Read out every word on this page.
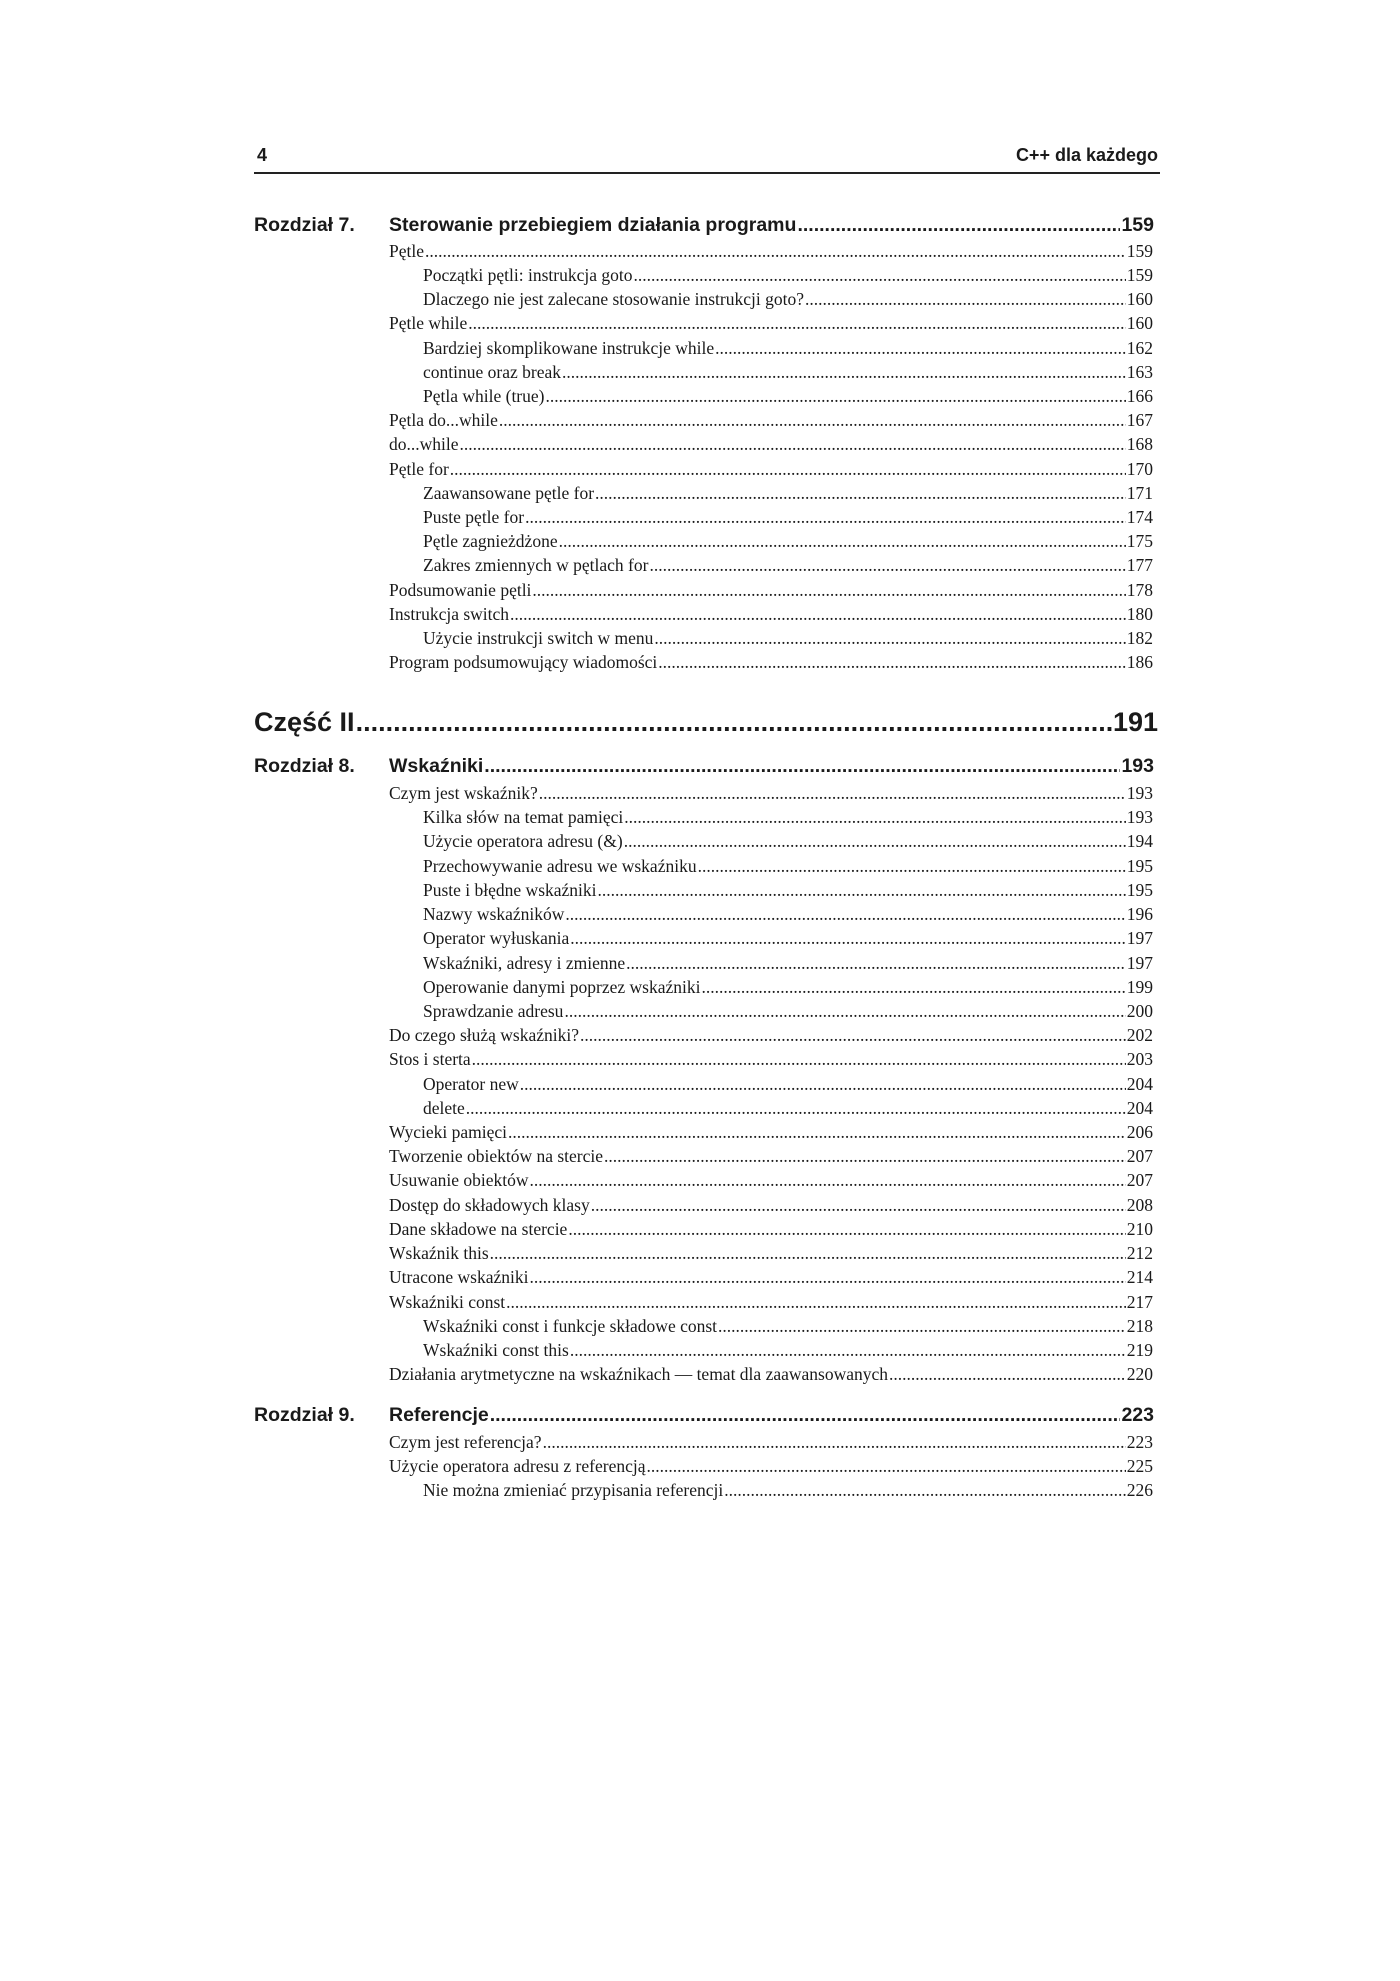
4	C++ dla każdego
Rozdział 7. Sterowanie przebiegiem działania programu .....	159
Pętle .....	159
Początki pętli: instrukcja goto .....	159
Dlaczego nie jest zalecane stosowanie instrukcji goto? .....	160
Pętle while .....	160
Bardziej skomplikowane instrukcje while .....	162
continue oraz break .....	163
Pętla while (true) .....	166
Pętla do...while .....	167
do...while .....	168
Pętle for .....	170
Zaawansowane pętle for .....	171
Puste pętle for .....	174
Pętle zagnieżdżone .....	175
Zakres zmiennych w pętlach for .....	177
Podsumowanie pętli .....	178
Instrukcja switch .....	180
Użycie instrukcji switch w menu .....	182
Program podsumowujący wiadomości .....	186
Część II .....	191
Rozdział 8. Wskaźniki .....	193
Czym jest wskaźnik? .....	193
Kilka słów na temat pamięci .....	193
Użycie operatora adresu (&) .....	194
Przechowywanie adresu we wskaźniku .....	195
Puste i błędne wskaźniki .....	195
Nazwy wskaźników .....	196
Operator wyłuskania .....	197
Wskaźniki, adresy i zmienne .....	197
Operowanie danymi poprzez wskaźniki .....	199
Sprawdzanie adresu .....	200
Do czego służą wskaźniki? .....	202
Stos i sterta .....	203
Operator new .....	204
delete .....	204
Wycieki pamięci .....	206
Tworzenie obiektów na stercie .....	207
Usuwanie obiektów .....	207
Dostęp do składowych klasy .....	208
Dane składowe na stercie .....	210
Wskaźnik this .....	212
Utracone wskaźniki .....	214
Wskaźniki const .....	217
Wskaźniki const i funkcje składowe const .....	218
Wskaźniki const this .....	219
Działania arytmetyczne na wskaźnikach — temat dla zaawansowanych .....	220
Rozdział 9. Referencje .....	223
Czym jest referencja? .....	223
Użycie operatora adresu z referencją .....	225
Nie można zmieniać przypisania referencji .....	226
